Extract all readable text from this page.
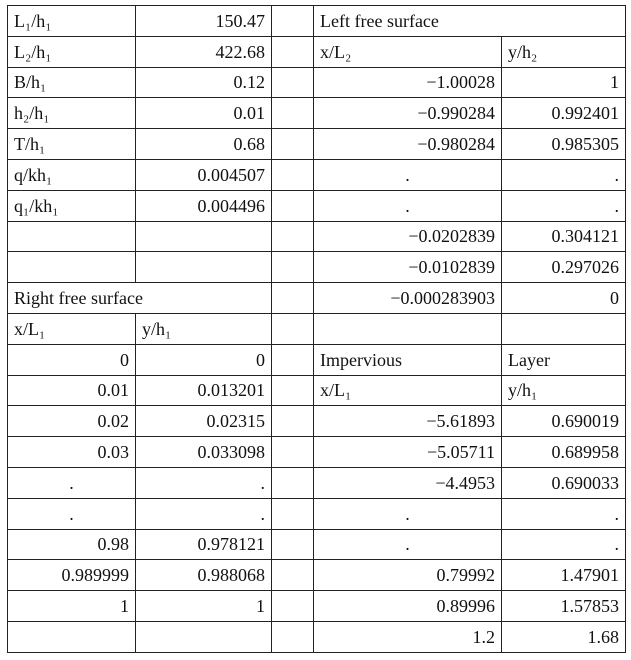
L₁/h₁	150.47		Left free surface	
L₂/h₁	422.68		x/L₂	y/h₂
B/h₁	0.12		−1.00028	1
h₂/h₁	0.01		−0.990284	0.992401
T/h₁	0.68		−0.980284	0.985305
q/kh₁	0.004507		.	.
q₁/kh₁	0.004496		.	.
			−0.0202839	0.304121
			−0.0102839	0.297026
Right free surface			−0.000283903	0
x/L₁	y/h₁			
0	0		Impervious	Layer
0.01	0.013201		x/L₁	y/h₁
0.02	0.02315		−5.61893	0.690019
0.03	0.033098		−5.05711	0.689958
.	.		−4.4953	0.690033
.	.		.	.
0.98	0.978121		.	.
0.989999	0.988068		0.79992	1.47901
1	1		0.89996	1.57853
			1.2	1.68
